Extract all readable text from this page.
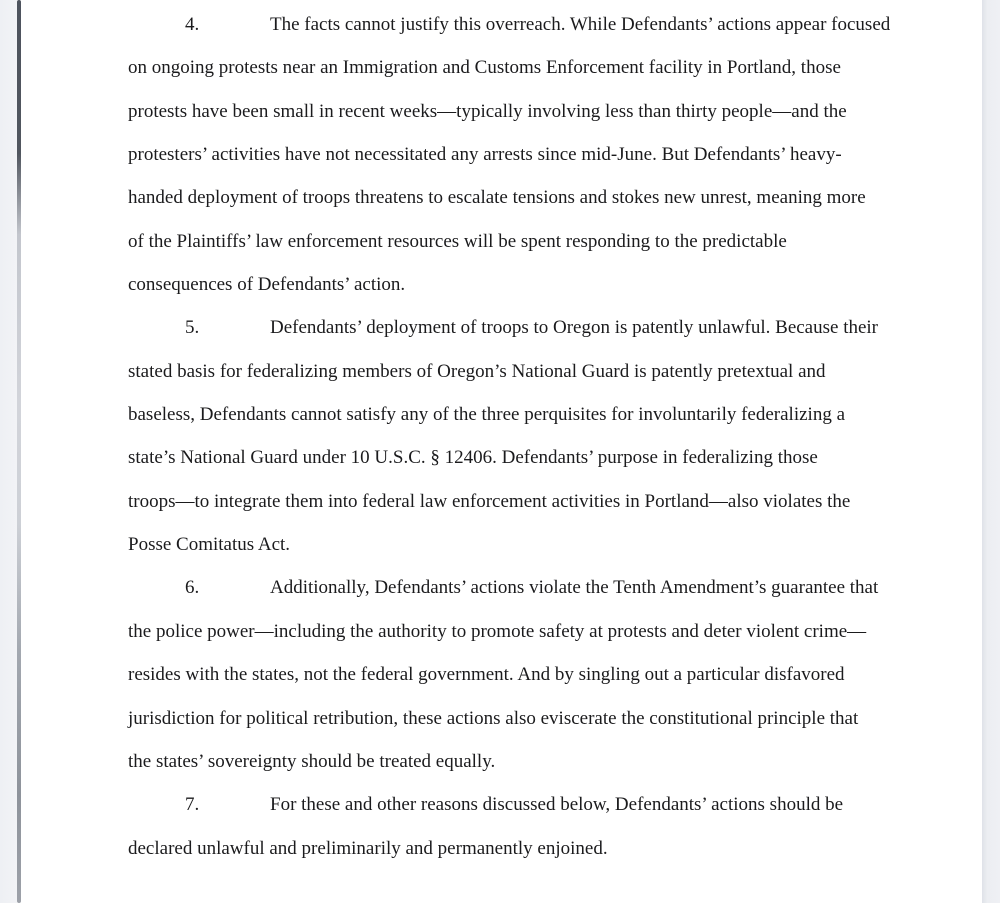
4.	The facts cannot justify this overreach. While Defendants’ actions appear focused
on ongoing protests near an Immigration and Customs Enforcement facility in Portland, those
protests have been small in recent weeks—typically involving less than thirty people—and the
protesters’ activities have not necessitated any arrests since mid-June. But Defendants’ heavy-
handed deployment of troops threatens to escalate tensions and stokes new unrest, meaning more
of the Plaintiffs’ law enforcement resources will be spent responding to the predictable
consequences of Defendants’ action.
5.	Defendants’ deployment of troops to Oregon is patently unlawful. Because their
stated basis for federalizing members of Oregon’s National Guard is patently pretextual and
baseless, Defendants cannot satisfy any of the three perquisites for involuntarily federalizing a
state’s National Guard under 10 U.S.C. § 12406. Defendants’ purpose in federalizing those
troops—to integrate them into federal law enforcement activities in Portland—also violates the
Posse Comitatus Act.
6.	Additionally, Defendants’ actions violate the Tenth Amendment’s guarantee that
the police power—including the authority to promote safety at protests and deter violent crime—
resides with the states, not the federal government. And by singling out a particular disfavored
jurisdiction for political retribution, these actions also eviscerate the constitutional principle that
the states’ sovereignty should be treated equally.
7.	For these and other reasons discussed below, Defendants’ actions should be
declared unlawful and preliminarily and permanently enjoined.
